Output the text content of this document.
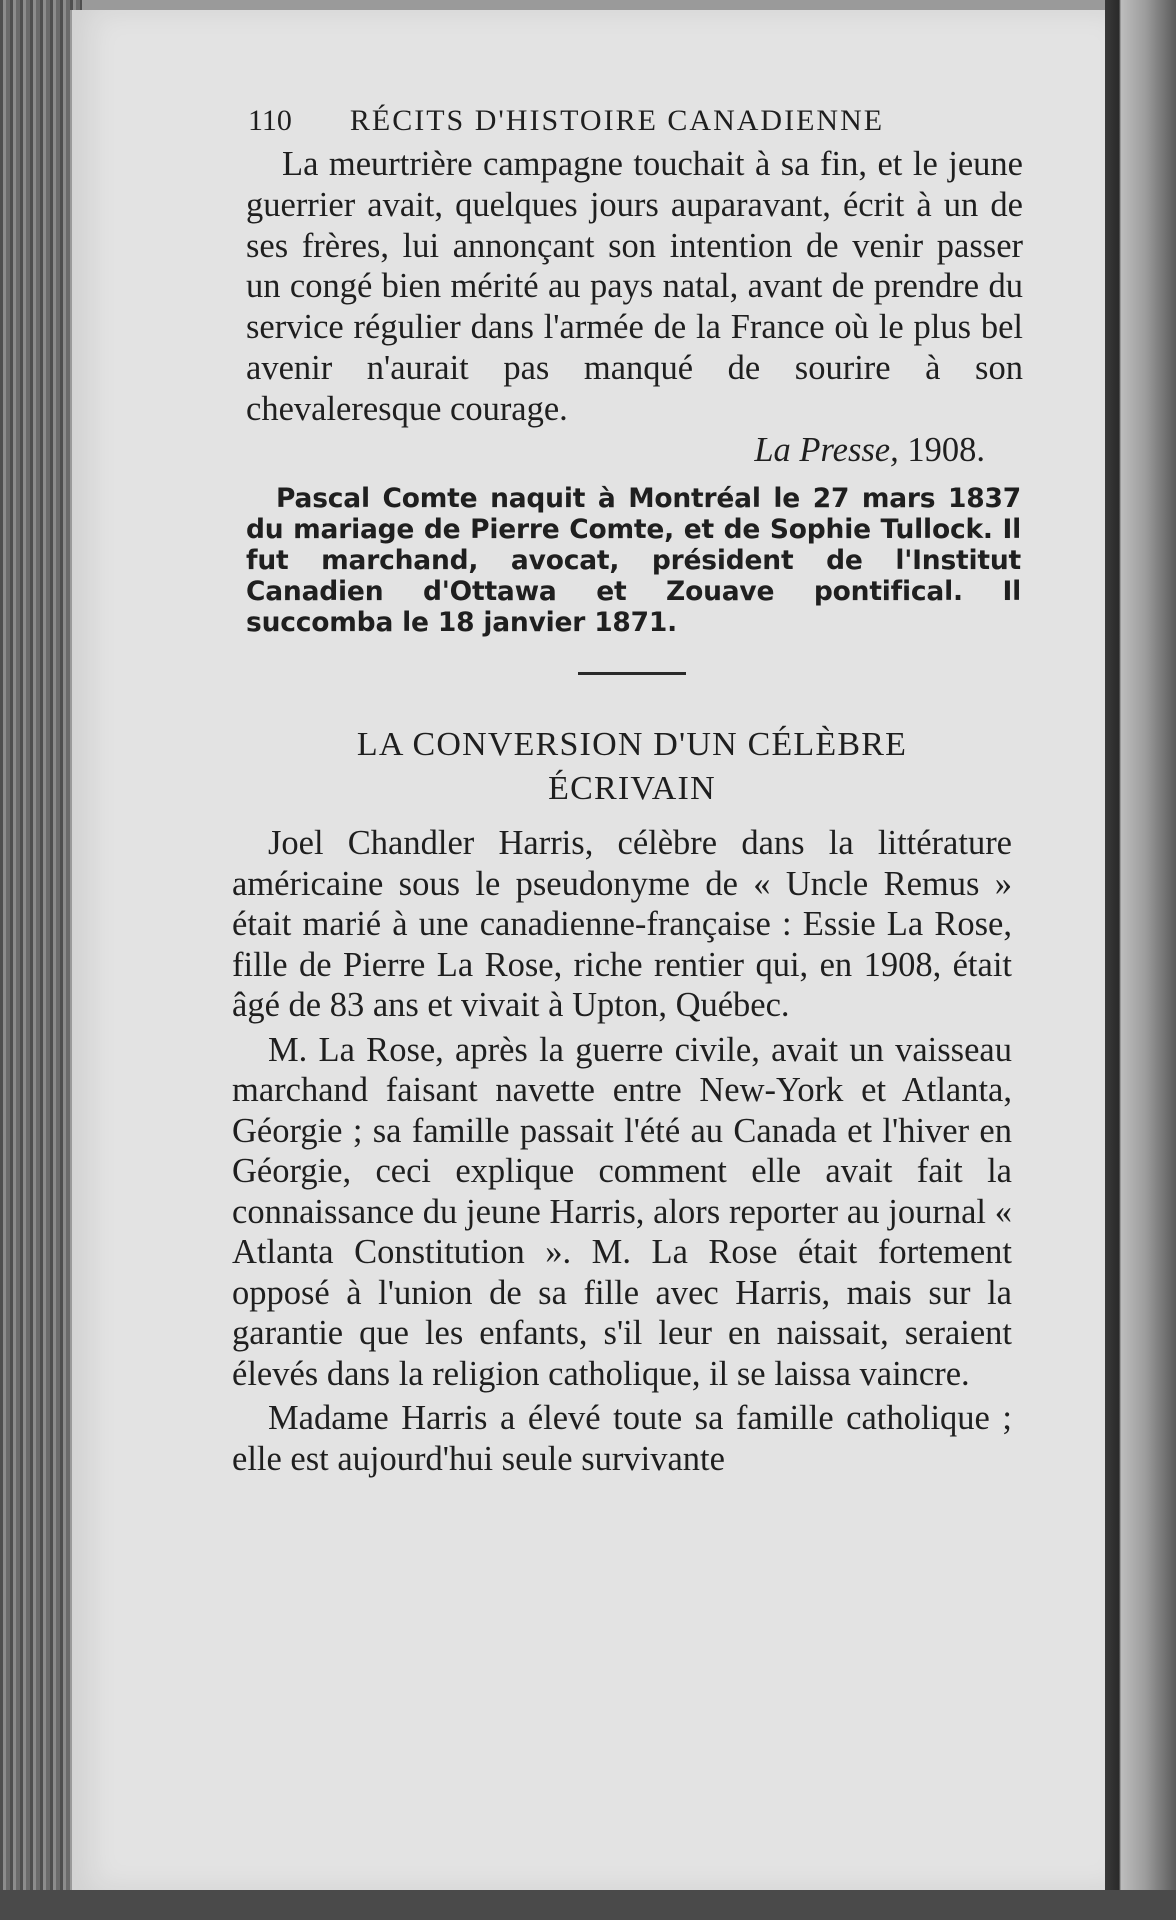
110 RÉCITS D'HISTOIRE CANADIENNE

La meurtrière campagne touchait à sa fin, et le jeune guerrier avait, quelques jours auparavant, écrit à un de ses frères, lui annonçant son intention de venir passer un congé bien mérité au pays natal, avant de prendre du service régulier dans l'armée de la France où le plus bel avenir n'aurait pas manqué de sourire à son chevaleresque courage.
La Presse, 1908.

Pascal Comte naquit à Montréal le 27 mars 1837 du mariage de Pierre Comte, et de Sophie Tullock. Il fut marchand, avocat, président de l'Institut Canadien d'Ottawa et Zouave pontifical. Il succomba le 18 janvier 1871.

LA CONVERSION D'UN CÉLÈBRE
ÉCRIVAIN

Joel Chandler Harris, célèbre dans la littérature américaine sous le pseudonyme de « Uncle Remus » était marié à une canadienne-française : Essie La Rose, fille de Pierre La Rose, riche rentier qui, en 1908, était âgé de 83 ans et vivait à Upton, Québec.

M. La Rose, après la guerre civile, avait un vaisseau marchand faisant navette entre New-York et Atlanta, Géorgie ; sa famille passait l'été au Canada et l'hiver en Géorgie, ceci explique comment elle avait fait la connaissance du jeune Harris, alors reporter au journal « Atlanta Constitution ». M. La Rose était fortement opposé à l'union de sa fille avec Harris, mais sur la garantie que les enfants, s'il leur en naissait, seraient élevés dans la religion catholique, il se laissa vaincre.

Madame Harris a élevé toute sa famille catholique ; elle est aujourd'hui seule survivante
